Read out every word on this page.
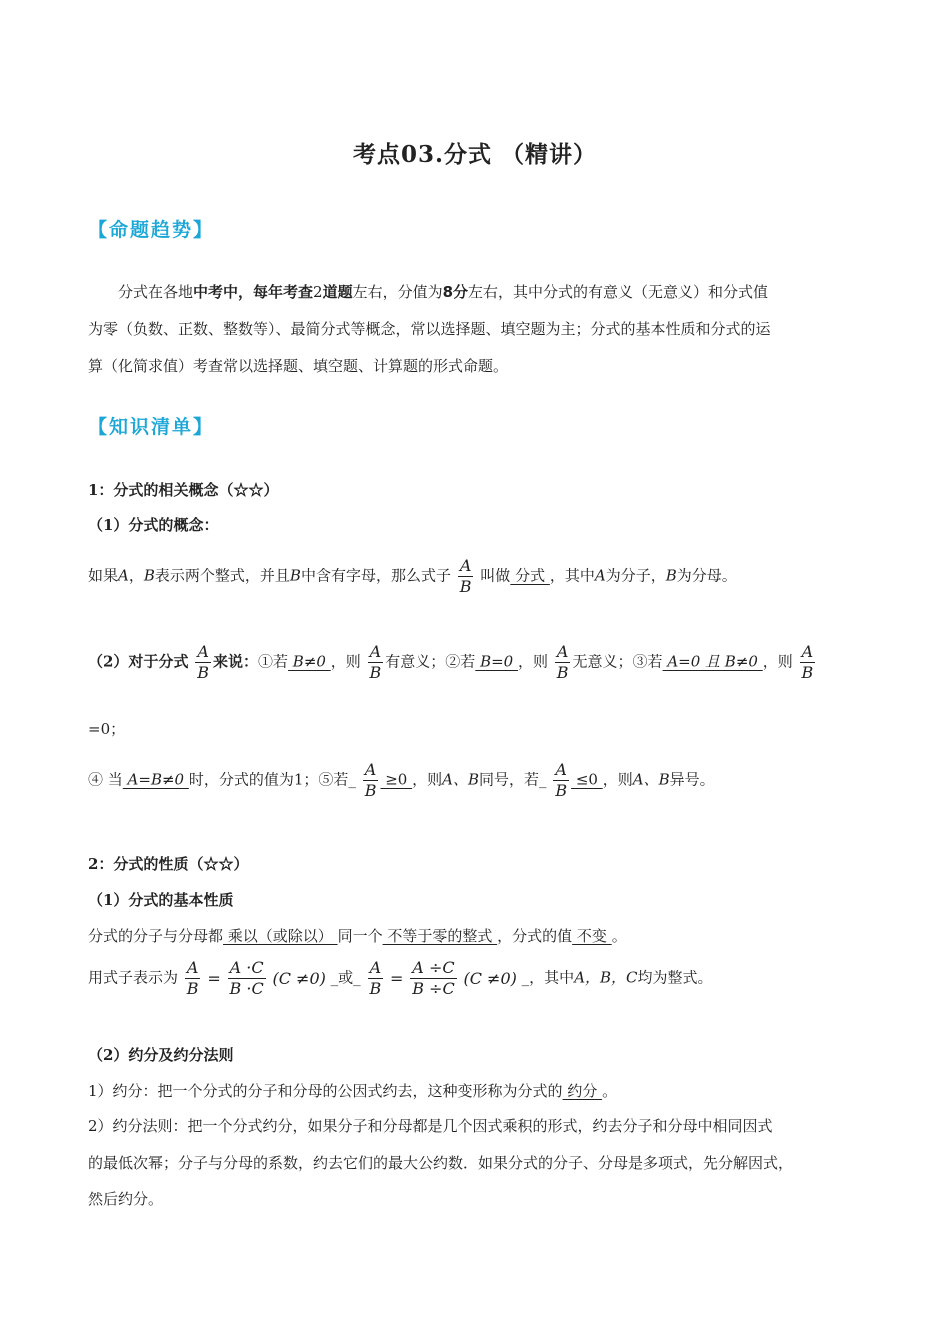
考点03.分式 （精讲）
【命题趋势】
分式在各地中考中，每年考查2道题左右，分值为8分左右，其中分式的有意义（无意义）和分式值
为零（负数、正数、整数等）、最简分式等概念，常以选择题、填空题为主；分式的基本性质和分式的运
算（化简求值）考查常以选择题、填空题、计算题的形式命题。
【知识清单】
1：分式的相关概念（☆☆）
（1）分式的概念：
如果A，B表示两个整式，并且B中含有字母，那么式子 $\frac{A}{B}$ 叫做 分式 ，其中A为分子，B为分母。
（2）对于分式 $\frac{A}{B}$ 来说：①若 B≠0 ，则 $\frac{A}{B}$ 有意义；②若 B=0 ，则 $\frac{A}{B}$ 无意义；③若 A=0 且 B≠0 ，则 $\frac{A}{B}$
=0；
④ 当 A=B≠0 时，分式的值为1；⑤若_ $\frac{A}{B} \ge 0$ ，则A、B同号，若_ $\frac{A}{B} \le 0$ ，则A、B异号。
2：分式的性质（☆☆）
（1）分式的基本性质
分式的分子与分母都 乘以（或除以） 同一个 不等于零的整式 ，分式的值 不变 。
用式子表示为 $\frac{A}{B} = \frac{A \cdot C}{B \cdot C} (C \ne 0)$ _或_ $\frac{A}{B} = \frac{A \div C}{B \div C} (C \ne 0)$ _，其中A，B，C均为整式。
（2）约分及约分法则
1）约分：把一个分式的分子和分母的公因式约去，这种变形称为分式的 约分 。
2）约分法则：把一个分式约分，如果分子和分母都是几个因式乘积的形式，约去分子和分母中相同因式
的最低次幂；分子与分母的系数，约去它们的最大公约数．如果分式的分子、分母是多项式，先分解因式，
然后约分。
